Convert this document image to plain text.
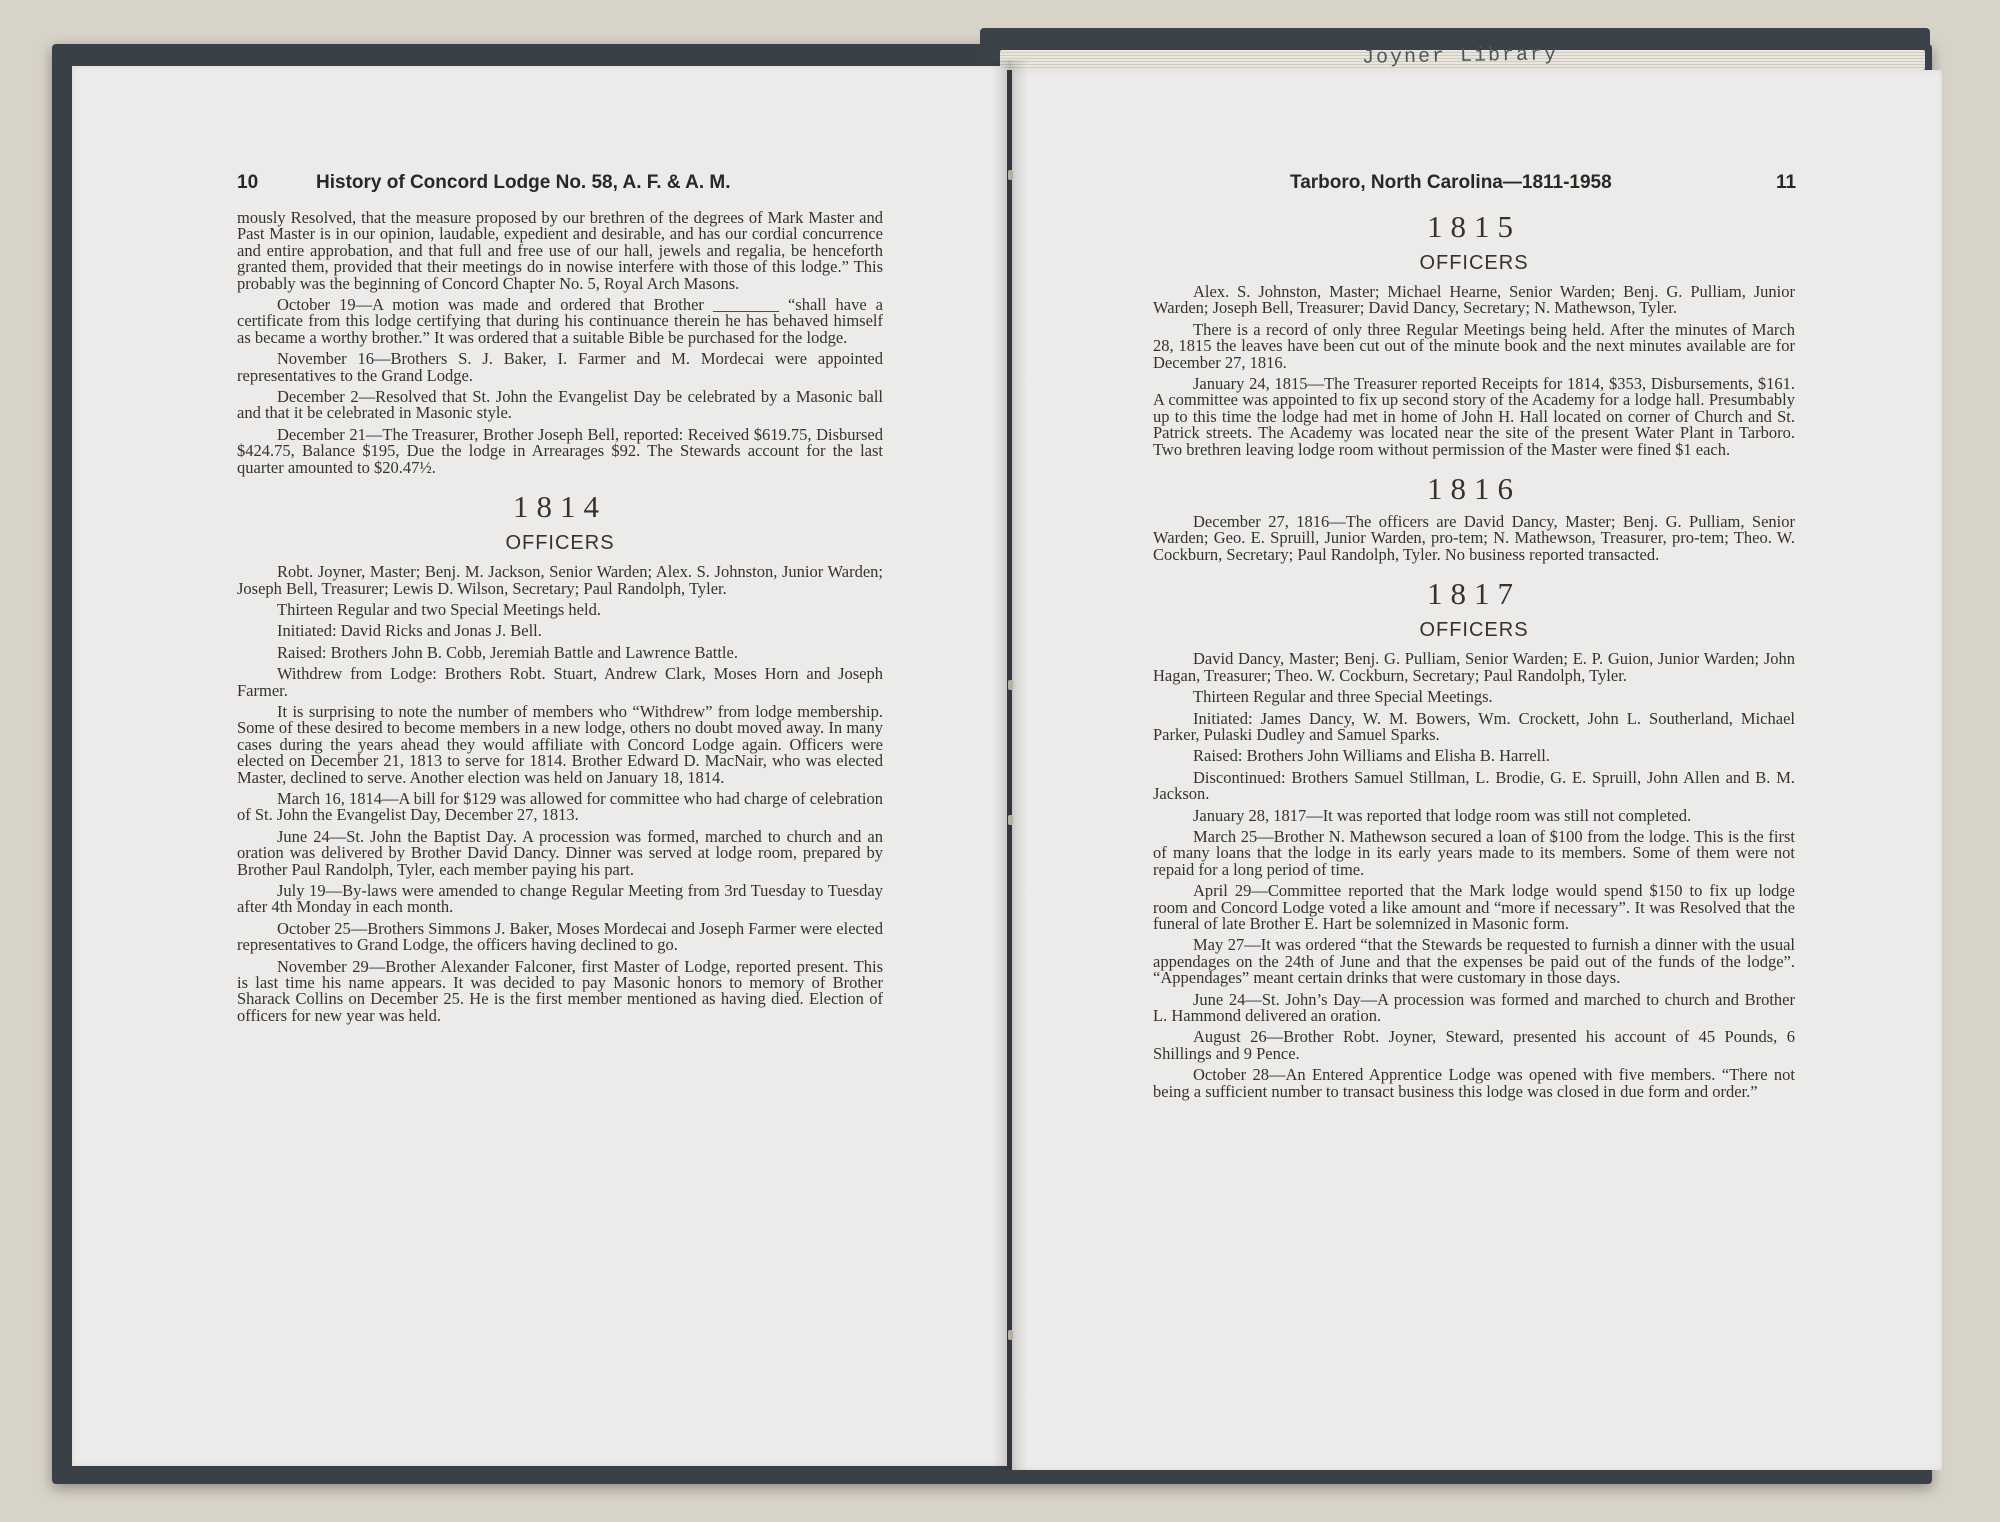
Joyner Library
10	History of Concord Lodge No. 58, A. F. & A. M.

mously Resolved, that the measure proposed by our brethren of the degrees of Mark Master and Past Master is in our opinion, laudable, expedient and desirable, and has our cordial concurrence and entire approbation, and that full and free use of our hall, jewels and regalia, be henceforth granted them, provided that their meetings do in nowise interfere with those of this lodge.” This probably was the beginning of Concord Chapter No. 5, Royal Arch Masons.

October 19—A motion was made and ordered that Brother ________ “shall have a certificate from this lodge certifying that during his continuance therein he has behaved himself as became a worthy brother.” It was ordered that a suitable Bible be purchased for the lodge.

November 16—Brothers S. J. Baker, I. Farmer and M. Mordecai were appointed representatives to the Grand Lodge.

December 2—Resolved that St. John the Evangelist Day be celebrated by a Masonic ball and that it be celebrated in Masonic style.

December 21—The Treasurer, Brother Joseph Bell, reported: Received $619.75, Disbursed $424.75, Balance $195, Due the lodge in Arrearages $92. The Stewards account for the last quarter amounted to $20.47½.

1814
OFFICERS

Robt. Joyner, Master; Benj. M. Jackson, Senior Warden; Alex. S. Johnston, Junior Warden; Joseph Bell, Treasurer; Lewis D. Wilson, Secretary; Paul Randolph, Tyler.

Thirteen Regular and two Special Meetings held.

Initiated: David Ricks and Jonas J. Bell.

Raised: Brothers John B. Cobb, Jeremiah Battle and Lawrence Battle.

Withdrew from Lodge: Brothers Robt. Stuart, Andrew Clark, Moses Horn and Joseph Farmer.

It is surprising to note the number of members who “Withdrew” from lodge membership. Some of these desired to become members in a new lodge, others no doubt moved away. In many cases during the years ahead they would affiliate with Concord Lodge again. Officers were elected on December 21, 1813 to serve for 1814. Brother Edward D. MacNair, who was elected Master, declined to serve. Another election was held on January 18, 1814.

March 16, 1814—A bill for $129 was allowed for committee who had charge of celebration of St. John the Evangelist Day, December 27, 1813.

June 24—St. John the Baptist Day. A procession was formed, marched to church and an oration was delivered by Brother David Dancy. Dinner was served at lodge room, prepared by Brother Paul Randolph, Tyler, each member paying his part.

July 19—By-laws were amended to change Regular Meeting from 3rd Tuesday to Tuesday after 4th Monday in each month.

October 25—Brothers Simmons J. Baker, Moses Mordecai and Joseph Farmer were elected representatives to Grand Lodge, the officers having declined to go.

November 29—Brother Alexander Falconer, first Master of Lodge, reported present. This is last time his name appears. It was decided to pay Masonic honors to memory of Brother Sharack Collins on December 25. He is the first member mentioned as having died. Election of officers for new year was held.

Tarboro, North Carolina—1811-1958	11
1815
OFFICERS

Alex. S. Johnston, Master; Michael Hearne, Senior Warden; Benj. G. Pulliam, Junior Warden; Joseph Bell, Treasurer; David Dancy, Secretary; N. Mathewson, Tyler.

There is a record of only three Regular Meetings being held. After the minutes of March 28, 1815 the leaves have been cut out of the minute book and the next minutes available are for December 27, 1816.

January 24, 1815—The Treasurer reported Receipts for 1814, $353, Disbursements, $161. A committee was appointed to fix up second story of the Academy for a lodge hall. Presumbably up to this time the lodge had met in home of John H. Hall located on corner of Church and St. Patrick streets. The Academy was located near the site of the present Water Plant in Tarboro. Two brethren leaving lodge room without permission of the Master were fined $1 each.

1816

December 27, 1816—The officers are David Dancy, Master; Benj. G. Pulliam, Senior Warden; Geo. E. Spruill, Junior Warden, pro-tem; N. Mathewson, Treasurer, pro-tem; Theo. W. Cockburn, Secretary; Paul Randolph, Tyler. No business reported transacted.

1817
OFFICERS

David Dancy, Master; Benj. G. Pulliam, Senior Warden; E. P. Guion, Junior Warden; John Hagan, Treasurer; Theo. W. Cockburn, Secretary; Paul Randolph, Tyler.

Thirteen Regular and three Special Meetings.

Initiated: James Dancy, W. M. Bowers, Wm. Crockett, John L. Southerland, Michael Parker, Pulaski Dudley and Samuel Sparks.

Raised: Brothers John Williams and Elisha B. Harrell.

Discontinued: Brothers Samuel Stillman, L. Brodie, G. E. Spruill, John Allen and B. M. Jackson.

January 28, 1817—It was reported that lodge room was still not completed.

March 25—Brother N. Mathewson secured a loan of $100 from the lodge. This is the first of many loans that the lodge in its early years made to its members. Some of them were not repaid for a long period of time.

April 29—Committee reported that the Mark lodge would spend $150 to fix up lodge room and Concord Lodge voted a like amount and “more if necessary”. It was Resolved that the funeral of late Brother E. Hart be solemnized in Masonic form.

May 27—It was ordered “that the Stewards be requested to furnish a dinner with the usual appendages on the 24th of June and that the expenses be paid out of the funds of the lodge”. “Appendages” meant certain drinks that were customary in those days.

June 24—St. John’s Day—A procession was formed and marched to church and Brother L. Hammond delivered an oration.

August 26—Brother Robt. Joyner, Steward, presented his account of 45 Pounds, 6 Shillings and 9 Pence.

October 28—An Entered Apprentice Lodge was opened with five members. “There not being a sufficient number to transact business this lodge was closed in due form and order.”
